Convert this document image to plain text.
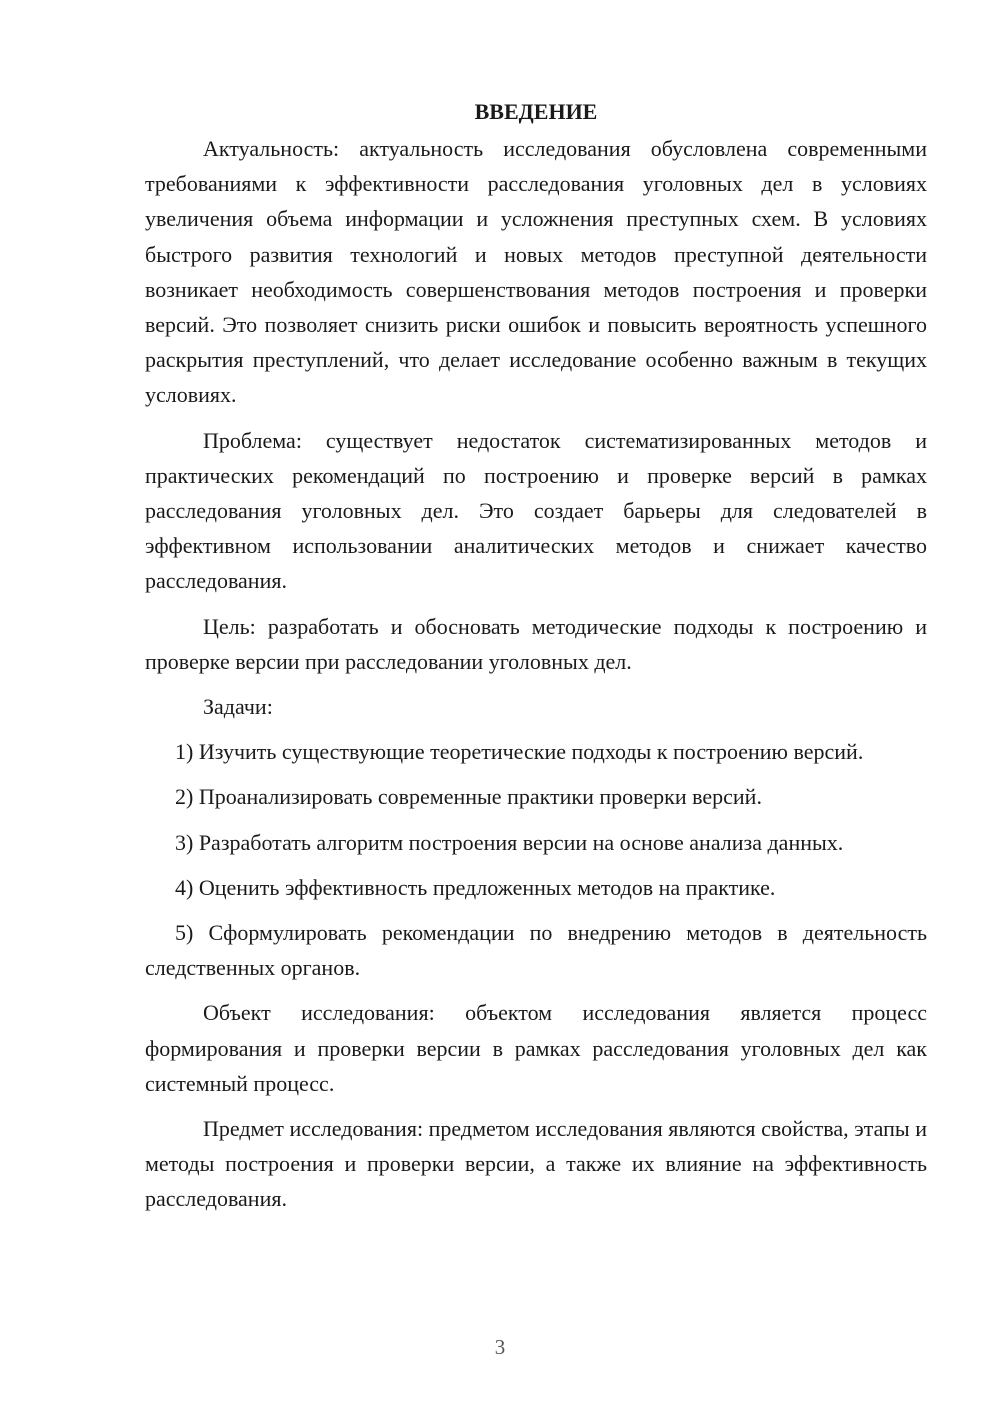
ВВЕДЕНИЕ

Актуальность: актуальность исследования обусловлена современными требованиями к эффективности расследования уголовных дел в условиях увеличения объема информации и усложнения преступных схем. В условиях быстрого развития технологий и новых методов преступной деятельности возникает необходимость совершенствования методов построения и проверки версий. Это позволяет снизить риски ошибок и повысить вероятность успешного раскрытия преступлений, что делает исследование особенно важным в текущих условиях.

Проблема: существует недостаток систематизированных методов и практических рекомендаций по построению и проверке версий в рамках расследования уголовных дел. Это создает барьеры для следователей в эффективном использовании аналитических методов и снижает качество расследования.

Цель: разработать и обосновать методические подходы к построению и проверке версии при расследовании уголовных дел.

Задачи:

1) Изучить существующие теоретические подходы к построению версий.

2) Проанализировать современные практики проверки версий.

3) Разработать алгоритм построения версии на основе анализа данных.

4) Оценить эффективность предложенных методов на практике.

5) Сформулировать рекомендации по внедрению методов в деятельность следственных органов.

Объект исследования: объектом исследования является процесс формирования и проверки версии в рамках расследования уголовных дел как системный процесс.

Предмет исследования: предметом исследования являются свойства, этапы и методы построения и проверки версии, а также их влияние на эффективность расследования.

3
